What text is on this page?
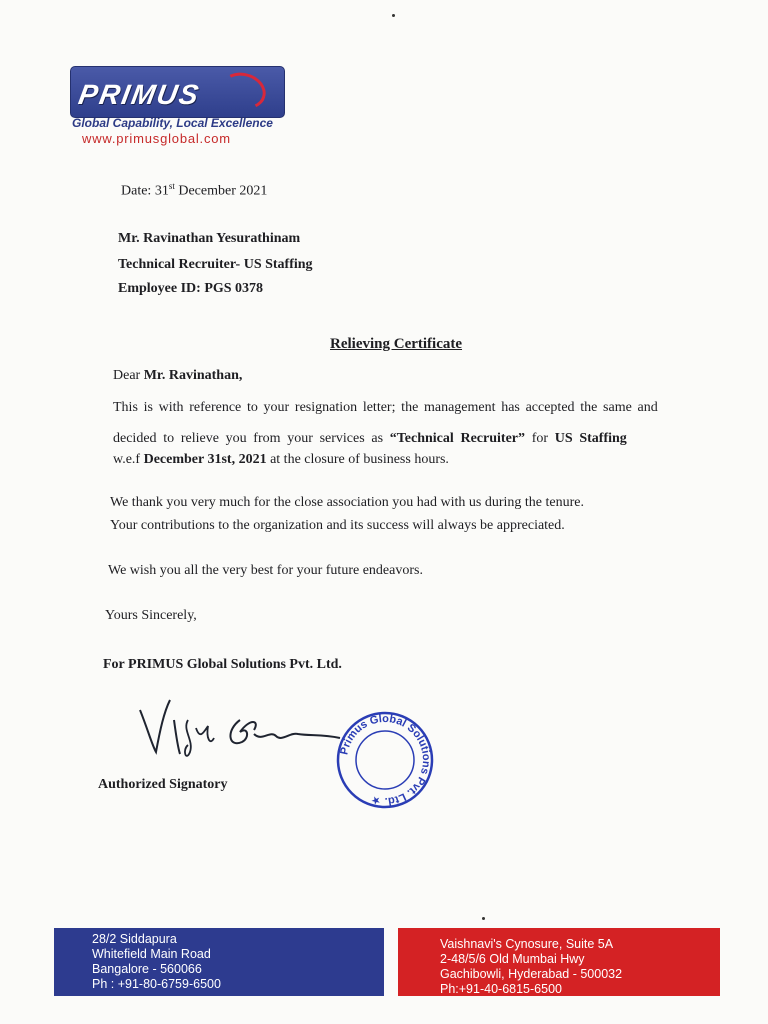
PRIMUS
Global Capability, Local Excellence
www.primusglobal.com
Date: 31st December 2021
Mr. Ravinathan Yesurathinam
Technical Recruiter- US Staffing
Employee ID: PGS 0378
Relieving Certificate
Dear Mr. Ravinathan,
This is with reference to your resignation letter; the management has accepted the same and
decided to relieve you from your services as “Technical Recruiter” for US Staffing
w.e.f December 31st, 2021 at the closure of business hours.
We thank you very much for the close association you had with us during the tenure.
Your contributions to the organization and its success will always be appreciated.
We wish you all the very best for your future endeavors.
Yours Sincerely,
For PRIMUS Global Solutions Pvt. Ltd.
Primus Global Solutions Pvt. Ltd. ★
Authorized Signatory
28/2 Siddapura
Whitefield Main Road
Bangalore - 560066
Ph : +91-80-6759-6500
Vaishnavi's Cynosure, Suite 5A
2-48/5/6 Old Mumbai Hwy
Gachibowli, Hyderabad - 500032
Ph:+91-40-6815-6500
